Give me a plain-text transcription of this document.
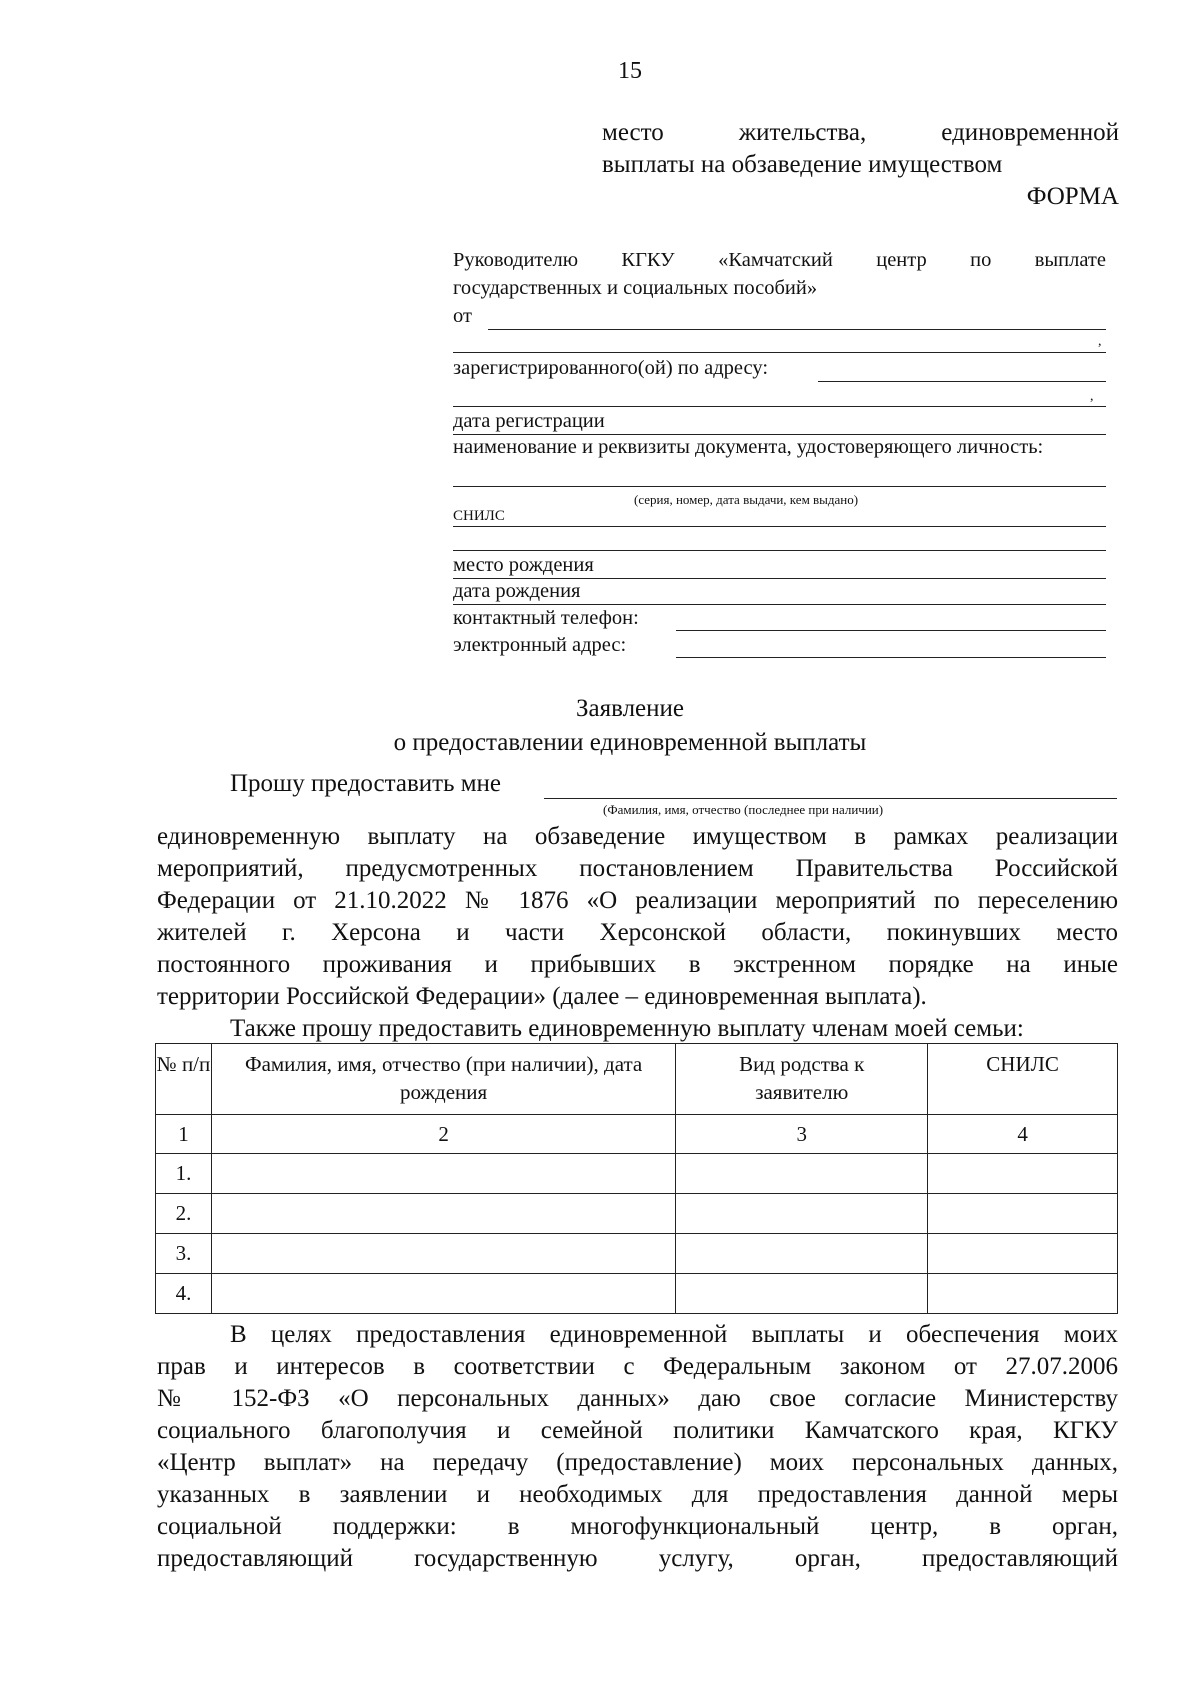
15
место	жительства,	единовременной
выплаты на обзаведение имуществом
ФОРМА
Руководителю КГКУ «Камчатский центр по выплате
государственных и социальных пособий»
от
,
зарегистрированного(ой) по адресу:
,
дата регистрации
наименование и реквизиты документа, удостоверяющего личность:
(серия, номер, дата выдачи, кем выдано)
СНИЛС
место рождения
дата рождения
контактный телефон:
электронный адрес:
Заявление
о предоставлении единовременной выплаты
Прошу предоставить мне
(Фамилия, имя, отчество (последнее при наличии)
единовременную выплату на обзаведение имуществом в рамках реализации
мероприятий, предусмотренных постановлением Правительства Российской
Федерации от 21.10.2022 № 1876 «О реализации мероприятий по переселению
жителей г. Херсона и части Херсонской области, покинувших место
постоянного проживания и прибывших в экстренном порядке на иные
территории Российской Федерации» (далее – единовременная выплата).
Также прошу предоставить единовременную выплату членам моей семьи:
№ п/п	Фамилия, имя, отчество (при наличии), дата рождения	Вид родства к заявителю	СНИЛС
1	2	3	4
1.			
2.			
3.			
4.			
В целях предоставления единовременной выплаты и обеспечения моих
прав и интересов в соответствии с Федеральным законом от 27.07.2006
№ 152-ФЗ «О персональных данных» даю свое согласие Министерству
социального благополучия и семейной политики Камчатского края, КГКУ
«Центр выплат» на передачу (предоставление) моих персональных данных,
указанных в заявлении и необходимых для предоставления данной меры
социальной поддержки: в многофункциональный центр, в орган,
предоставляющий государственную услугу, орган, предоставляющий
